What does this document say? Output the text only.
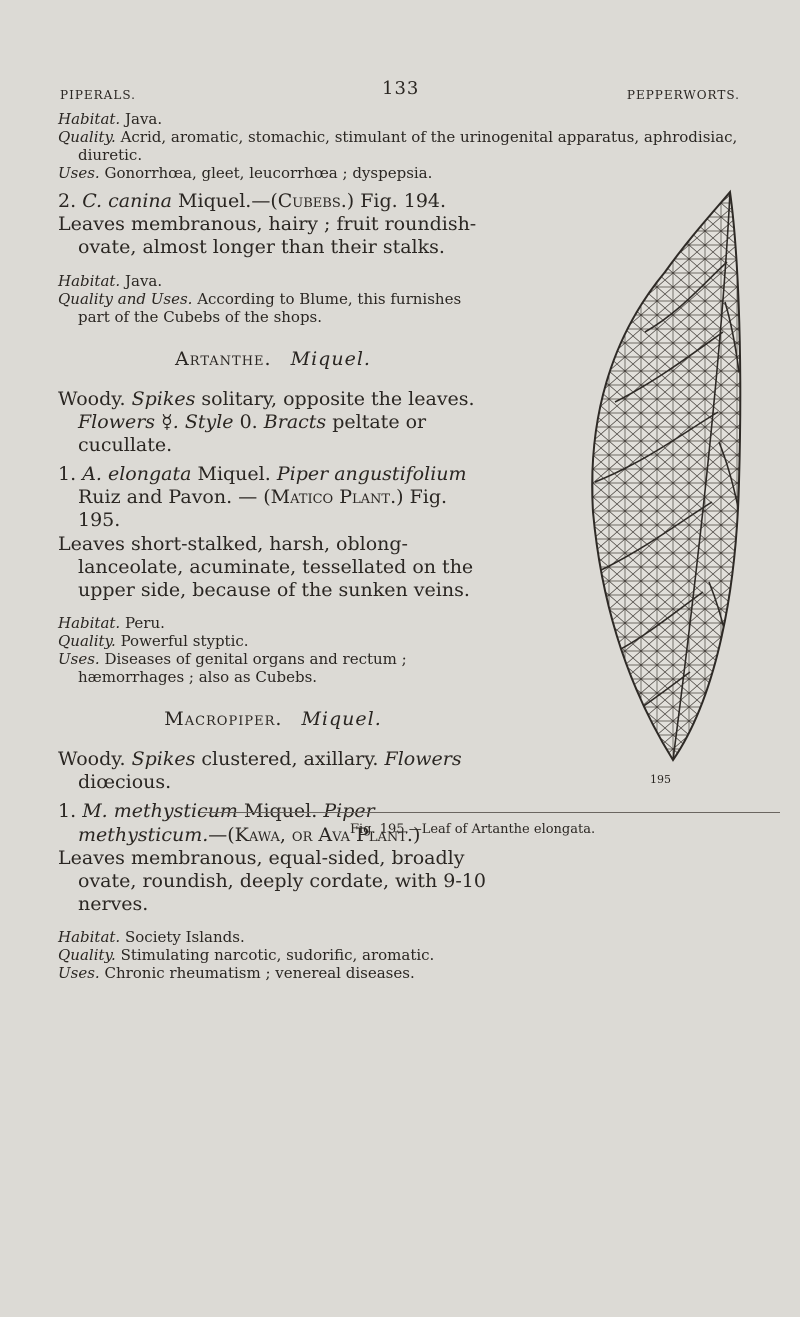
PIPERALS.	133	PEPPERWORTS.

Habitat. Java.

Quality. Acrid, aromatic, stomachic, stimulant of the urinogenital apparatus, aphrodisiac, diuretic.

Uses. Gonorrhœa, gleet, leucorrhœa ; dyspepsia.

2. C. canina Miquel.—(Cubebs.) Fig. 194.

Leaves membranous, hairy ; fruit roundish-ovate, almost longer than their stalks.

Habitat. Java.

Quality and Uses. According to Blume, this furnishes part of the Cubebs of the shops.

Artanthe. Miquel.

Woody. Spikes solitary, opposite the leaves. Flowers ☿. Style 0. Bracts peltate or cucullate.

1. A. elongata Miquel. Piper angustifolium Ruiz and Pavon. — (Matico Plant.) Fig. 195.

Leaves short-stalked, harsh, oblong-lanceolate, acuminate, tessellated on the upper side, because of the sunken veins.

Habitat. Peru.

Quality. Powerful styptic.

Uses. Diseases of genital organs and rectum ; hæmorrhages ; also as Cubebs.

Macropiper. Miquel.

Woody. Spikes clustered, axillary. Flowers diœcious.

1. M. methysticum Miquel. Piper methysticum.—(Kawa, or Ava Plant.)

Leaves membranous, equal-sided, broadly ovate, roundish, deeply cordate, with 9-10 nerves.

Habitat. Society Islands.

Quality. Stimulating narcotic, sudorific, aromatic.

Uses. Chronic rheumatism ; venereal diseases.

195
Fig. 195.—Leaf of Artanthe elongata.
